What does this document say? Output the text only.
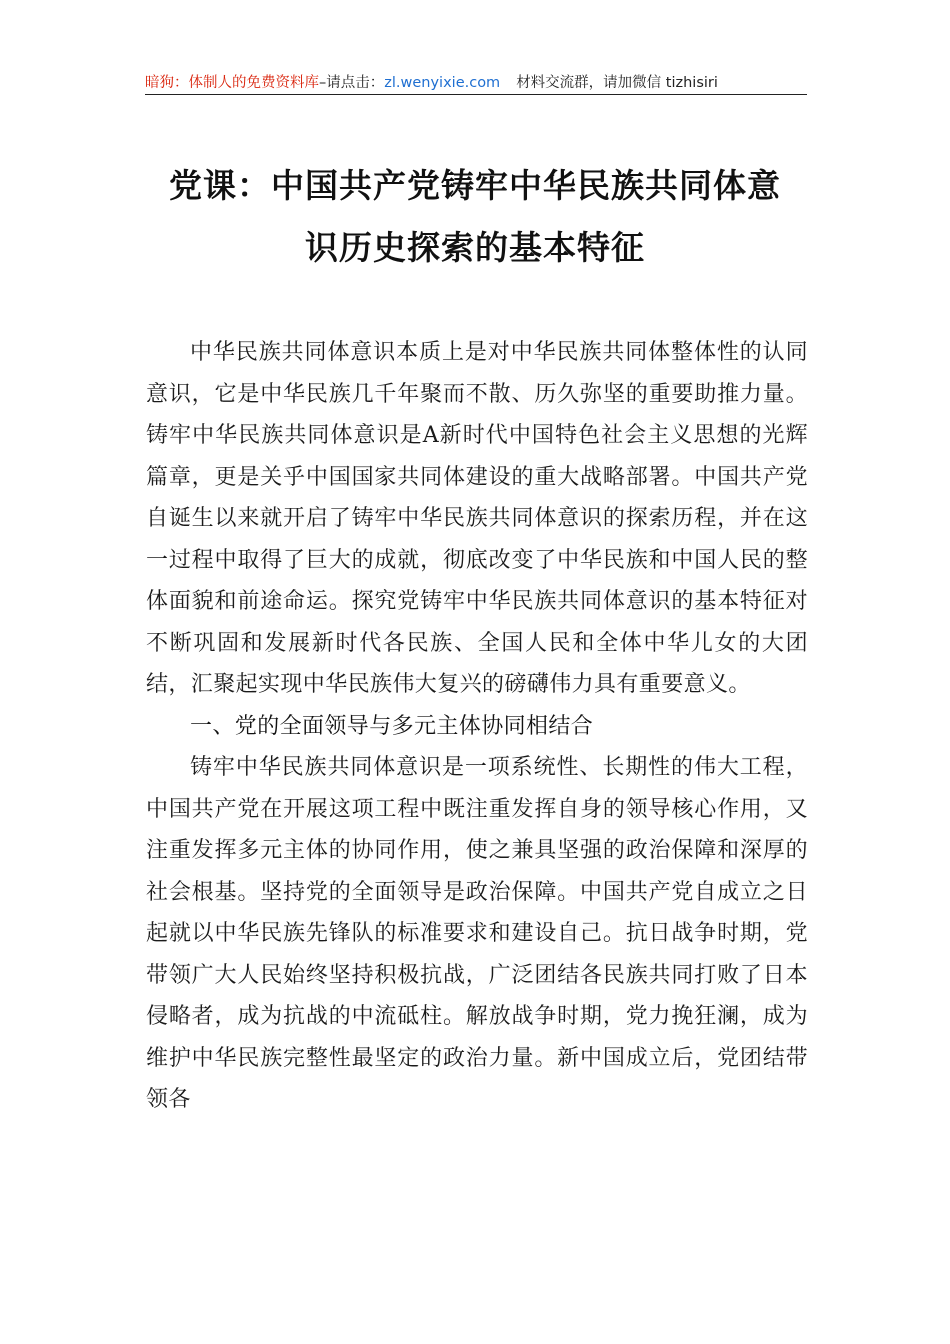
暗狗：体制人的免费资料库 –请点击： zl.wenyixie.com 材料交流群，请加微信 tizhisiri
党课：中国共产党铸牢中华民族共同体意
识历史探索的基本特征

中华民族共同体意识本质上是对中华民族共同体整体性的认同意识，它是中华民族几千年聚而不散、历久弥坚的重要助推力量。铸牢中华民族共同体意识是A新时代中国特色社会主义思想的光辉篇章，更是关乎中国国家共同体建设的重大战略部署。中国共产党自诞生以来就开启了铸牢中华民族共同体意识的探索历程，并在这一过程中取得了巨大的成就，彻底改变了中华民族和中国人民的整体面貌和前途命运。探究党铸牢中华民族共同体意识的基本特征对不断巩固和发展新时代各民族、全国人民和全体中华儿女的大团结，汇聚起实现中华民族伟大复兴的磅礴伟力具有重要意义。

一、党的全面领导与多元主体协同相结合

铸牢中华民族共同体意识是一项系统性、长期性的伟大工程，中国共产党在开展这项工程中既注重发挥自身的领导核心作用，又注重发挥多元主体的协同作用，使之兼具坚强的政治保障和深厚的社会根基。坚持党的全面领导是政治保障。中国共产党自成立之日起就以中华民族先锋队的标准要求和建设自己。抗日战争时期，党带领广大人民始终坚持积极抗战，广泛团结各民族共同打败了日本侵略者，成为抗战的中流砥柱。解放战争时期，党力挽狂澜，成为维护中华民族完整性最坚定的政治力量。新中国成立后，党团结带领各
